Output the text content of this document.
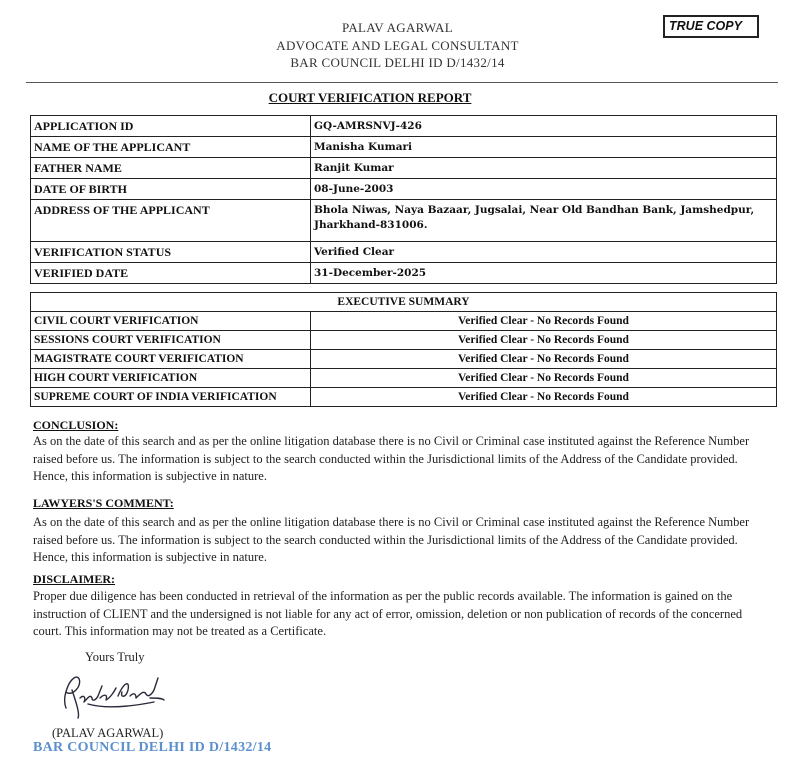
PALAV AGARWAL
ADVOCATE AND LEGAL CONSULTANT
BAR COUNCIL DELHI ID D/1432/14
TRUE COPY
COURT VERIFICATION REPORT
APPLICATION ID	GQ-AMRSNVJ-426
NAME OF THE APPLICANT	Manisha Kumari
FATHER NAME	Ranjit Kumar
DATE OF BIRTH	08-June-2003
ADDRESS OF THE APPLICANT	Bhola Niwas, Naya Bazaar, Jugsalai, Near Old Bandhan Bank, Jamshedpur, Jharkhand-831006.
VERIFICATION STATUS	Verified Clear
VERIFIED DATE	31-December-2025
EXECUTIVE SUMMARY	
CIVIL COURT VERIFICATION	Verified Clear - No Records Found
SESSIONS COURT VERIFICATION	Verified Clear - No Records Found
MAGISTRATE COURT VERIFICATION	Verified Clear - No Records Found
HIGH COURT VERIFICATION	Verified Clear - No Records Found
SUPREME COURT OF INDIA VERIFICATION	Verified Clear - No Records Found
CONCLUSION:

As on the date of this search and as per the online litigation database there is no Civil or Criminal case instituted against the Reference Number raised before us. The information is subject to the search conducted within the Jurisdictional limits of the Address of the Candidate provided. Hence, this information is subjective in nature.

LAWYERS'S COMMENT:

As on the date of this search and as per the online litigation database there is no Civil or Criminal case instituted against the Reference Number raised before us. The information is subject to the search conducted within the Jurisdictional limits of the Address of the Candidate provided. Hence, this information is subjective in nature.

DISCLAIMER:

Proper due diligence has been conducted in retrieval of the information as per the public records available. The information is gained on the instruction of CLIENT and the undersigned is not liable for any act of error, omission, deletion or non publication of records of the concerned court. This information may not be treated as a Certificate.

Yours Truly
(PALAV AGARWAL)
BAR COUNCIL DELHI ID D/1432/14
